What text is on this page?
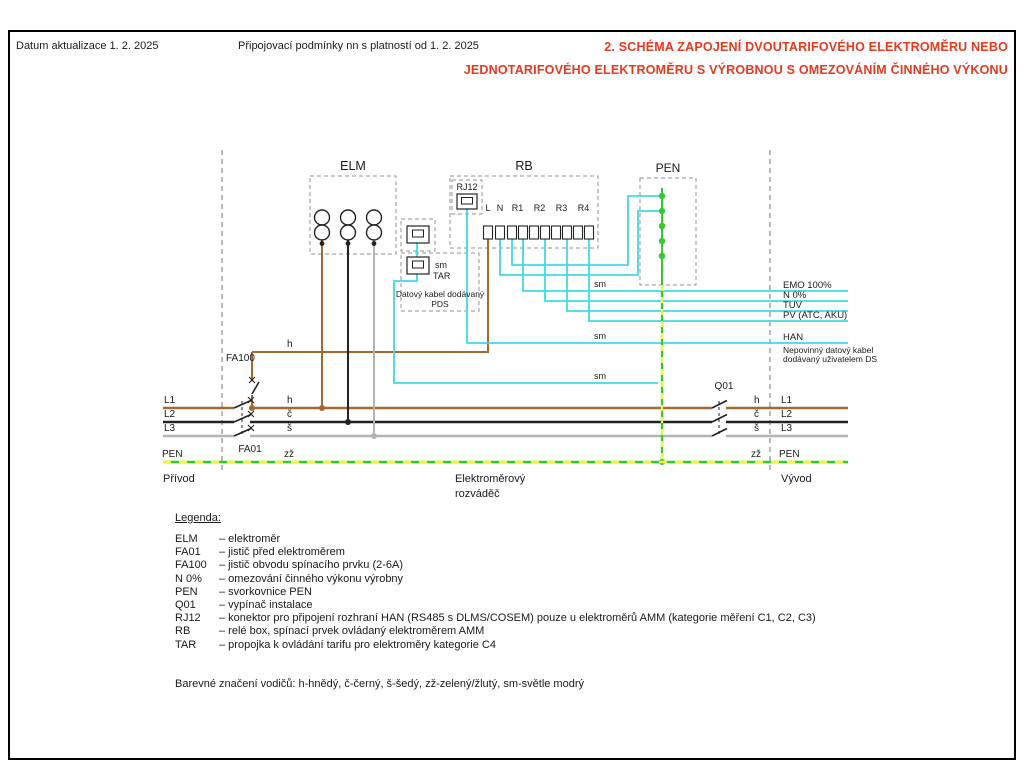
Datum aktualizace 1. 2. 2025	Připojovací podmínky nn s platností od 1. 2. 2025	2. SCHÉMA ZAPOJENÍ DVOUTARIFOVÉHO ELEKTROMĚRU NEBO
JEDNOTARIFOVÉHO ELEKTROMĚRU S VÝROBNOU S OMEZOVÁNÍM ČINNÉHO VÝKONU
ELM	RB	PEN
RJ12
L N R1 R2 R3 R4
sm
TAR
Datový kabel dodávaný
PDS
FA100
FA01
Q01
h
L1
L2
L3
PEN
h
č
š
zž
h
č
š
zž
L1
L2
L3
PEN
EMO 100%
N 0%
TUV
PV (ATC, AKU)
HAN
Nepovinný datový kabel
dodávaný uživatelem DS
sm
sm
sm
Přívod	Elektroměrový
rozváděč
Vývod
Legenda:
ELM	– elektroměr
FA01	– jistič před elektroměrem
FA100	– jistič obvodu spínacího prvku (2-6A)
N 0%	– omezování činného výkonu výrobny
PEN	– svorkovnice PEN
Q01	– vypínač instalace
RJ12	– konektor pro připojení rozhraní HAN (RS485 s DLMS/COSEM) pouze u elektroměrů AMM (kategorie měření C1, C2, C3)
RB	– relé box, spínací prvek ovládaný elektroměrem AMM
TAR	– propojka k ovládání tarifu pro elektroměry kategorie C4
Barevné značení vodičů: h-hnědý, č-černý, š-šedý, zž-zelený/žlutý, sm-světle modrý
